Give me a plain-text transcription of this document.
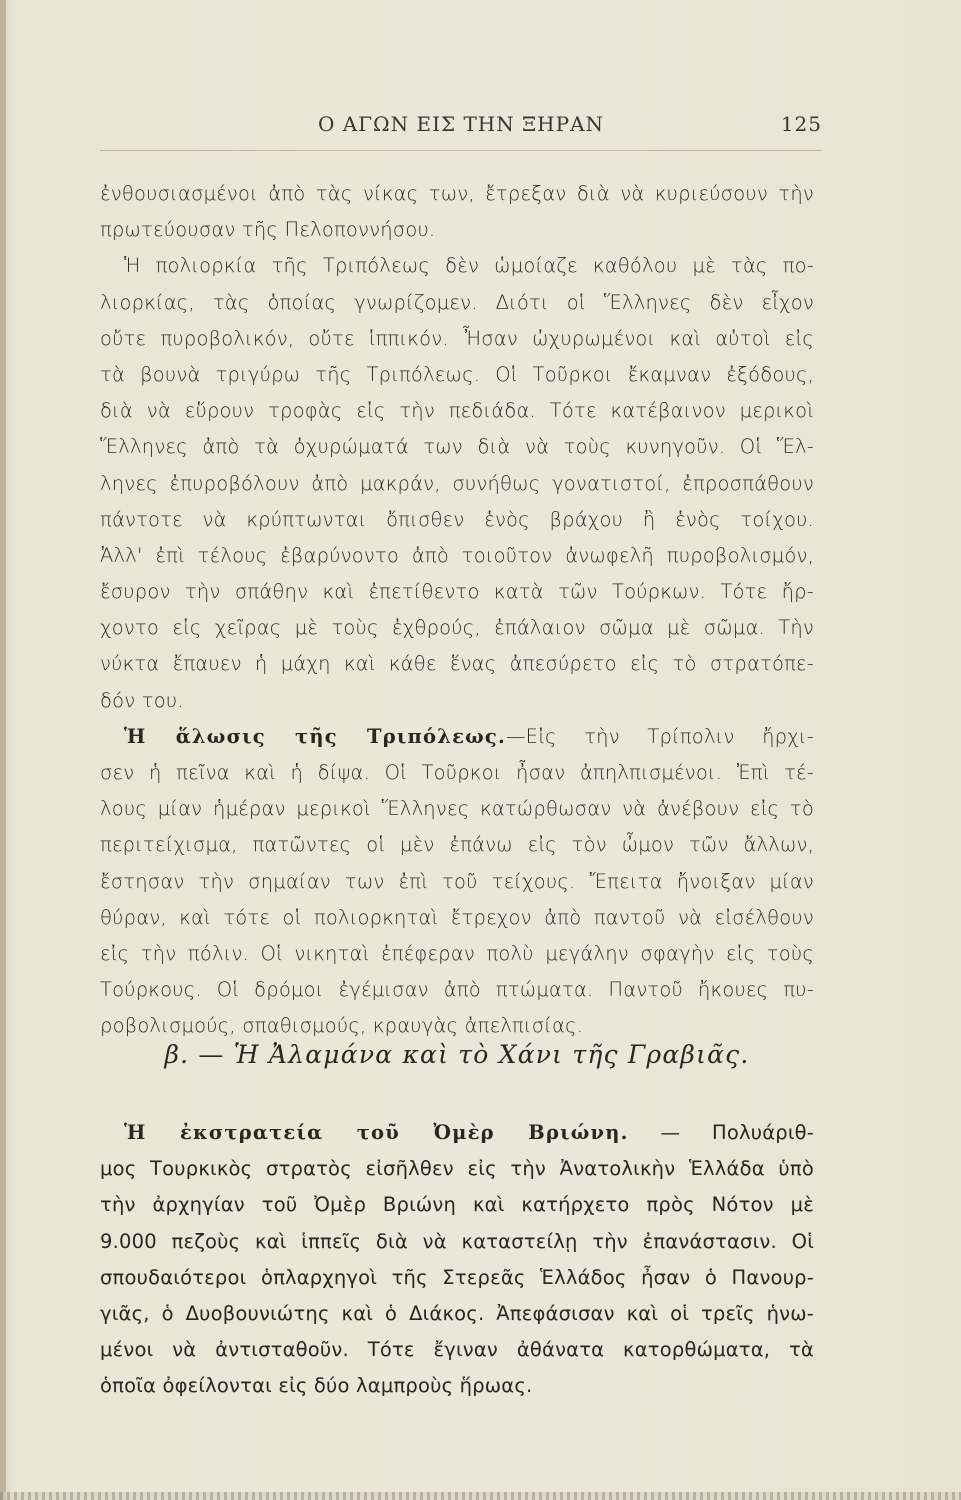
Ο ΑΓΩΝ ΕΙΣ ΤΗΝ ΞΗΡΑΝ	125
ἐνθουσιασμένοι ἀπὸ τὰς νίκας των, ἔτρεξαν διὰ νὰ κυριεύσουν τὴν
πρωτεύουσαν τῆς Πελοποννήσου.
Ἡ πολιορκία τῆς Τριπόλεως δὲν ὡμοίαζε καθόλου μὲ τὰς πο-
λιορκίας, τὰς ὁποίας γνωρίζομεν. Διότι οἱ Ἕλληνες δὲν εἶχον
οὔτε πυροβολικόν, οὔτε ἱππικόν. Ἦσαν ὠχυρωμένοι καὶ αὐτοὶ εἰς
τὰ βουνὰ τριγύρω τῆς Τριπόλεως. Οἱ Τοῦρκοι ἔκαμναν ἐξόδους,
διὰ νὰ εὕρουν τροφὰς εἰς τὴν πεδιάδα. Τότε κατέβαινον μερικοὶ
Ἕλληνες ἀπὸ τὰ ὀχυρώματά των διὰ νὰ τοὺς κυνηγοῦν. Οἱ Ἕλ-
ληνες ἐπυροβόλουν ἀπὸ μακράν, συνήθως γονατιστοί, ἐπροσπάθουν
πάντοτε νὰ κρύπτωνται ὄπισθεν ἑνὸς βράχου ἢ ἑνὸς τοίχου.
Ἀλλ' ἐπὶ τέλους ἐβαρύνοντο ἀπὸ τοιοῦτον ἀνωφελῆ πυροβολισμόν,
ἔσυρον τὴν σπάθην καὶ ἐπετίθεντο κατὰ τῶν Τούρκων. Τότε ἤρ-
χοντο εἰς χεῖρας μὲ τοὺς ἐχθρούς, ἐπάλαιον σῶμα μὲ σῶμα. Τὴν
νύκτα ἔπαυεν ἡ μάχη καὶ κάθε ἕνας ἀπεσύρετο εἰς τὸ στρατόπε-
δόν του.
Ἡ ἅλωσις τῆς Τριπόλεως.—Εἰς τὴν Τρίπολιν ἤρχι-
σεν ἡ πεῖνα καὶ ἡ δίψα. Οἱ Τοῦρκοι ἦσαν ἀπηλπισμένοι. Ἐπὶ τέ-
λους μίαν ἡμέραν μερικοὶ Ἕλληνες κατώρθωσαν νὰ ἀνέβουν εἰς τὸ
περιτείχισμα, πατῶντες οἱ μὲν ἐπάνω εἰς τὸν ὦμον τῶν ἄλλων,
ἔστησαν τὴν σημαίαν των ἐπὶ τοῦ τείχους. Ἔπειτα ἤνοιξαν μίαν
θύραν, καὶ τότε οἱ πολιορκηταὶ ἔτρεχον ἀπὸ παντοῦ νὰ εἰσέλθουν
εἰς τὴν πόλιν. Οἱ νικηταὶ ἐπέφεραν πολὺ μεγάλην σφαγὴν εἰς τοὺς
Τούρκους. Οἱ δρόμοι ἐγέμισαν ἀπὸ πτώματα. Παντοῦ ἤκουες πυ-
ροβολισμούς, σπαθισμούς, κραυγὰς ἀπελπισίας.
β. — Ἡ Ἀλαμάνα καὶ τὸ Χάνι τῆς Γραβιᾶς.
Ἡ ἐκστρατεία τοῦ Ὀμὲρ Βριώνη. — Πολυάριθ-
μος Τουρκικὸς στρατὸς εἰσῆλθεν εἰς τὴν Ἀνατολικὴν Ἑλλάδα ὑπὸ
τὴν ἀρχηγίαν τοῦ Ὀμὲρ Βριώνη καὶ κατήρχετο πρὸς Νότον μὲ
9.000 πεζοὺς καὶ ἱππεῖς διὰ νὰ καταστείλῃ τὴν ἐπανάστασιν. Οἱ
σπουδαιότεροι ὁπλαρχηγοὶ τῆς Στερεᾶς Ἑλλάδος ἦσαν ὁ Πανουρ-
γιᾶς, ὁ Δυοβουνιώτης καὶ ὁ Διάκος. Ἀπεφάσισαν καὶ οἱ τρεῖς ἡνω-
μένοι νὰ ἀντισταθοῦν. Τότε ἔγιναν ἀθάνατα κατορθώματα, τὰ
ὁποῖα ὀφείλονται εἰς δύο λαμπροὺς ἥρωας.
